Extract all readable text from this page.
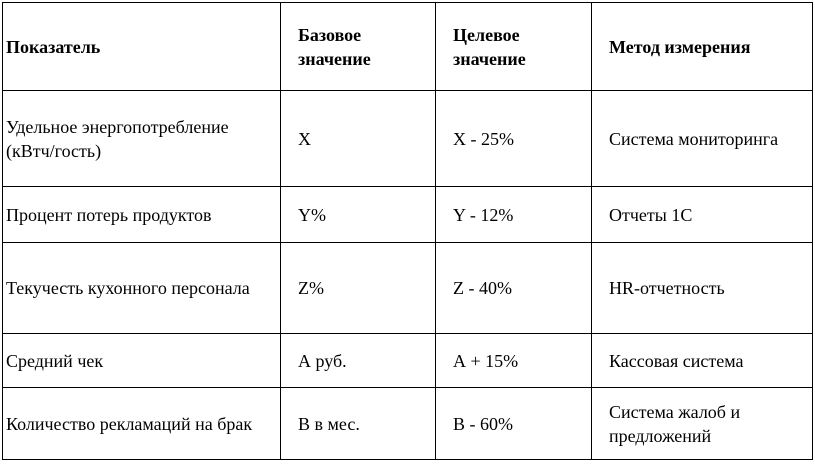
Показатель	Базовое значение	Целевое значение	Метод измерения
Удельное энергопотребление (кВтч/гость)	X	X - 25%	Система мониторинга
Процент потерь продуктов	Y%	Y - 12%	Отчеты 1С
Текучесть кухонного персонала	Z%	Z - 40%	HR-отчетность
Средний чек	А руб.	А + 15%	Кассовая система
Количество рекламаций на брак	В в мес.	В - 60%	Система жалоб и предложений
